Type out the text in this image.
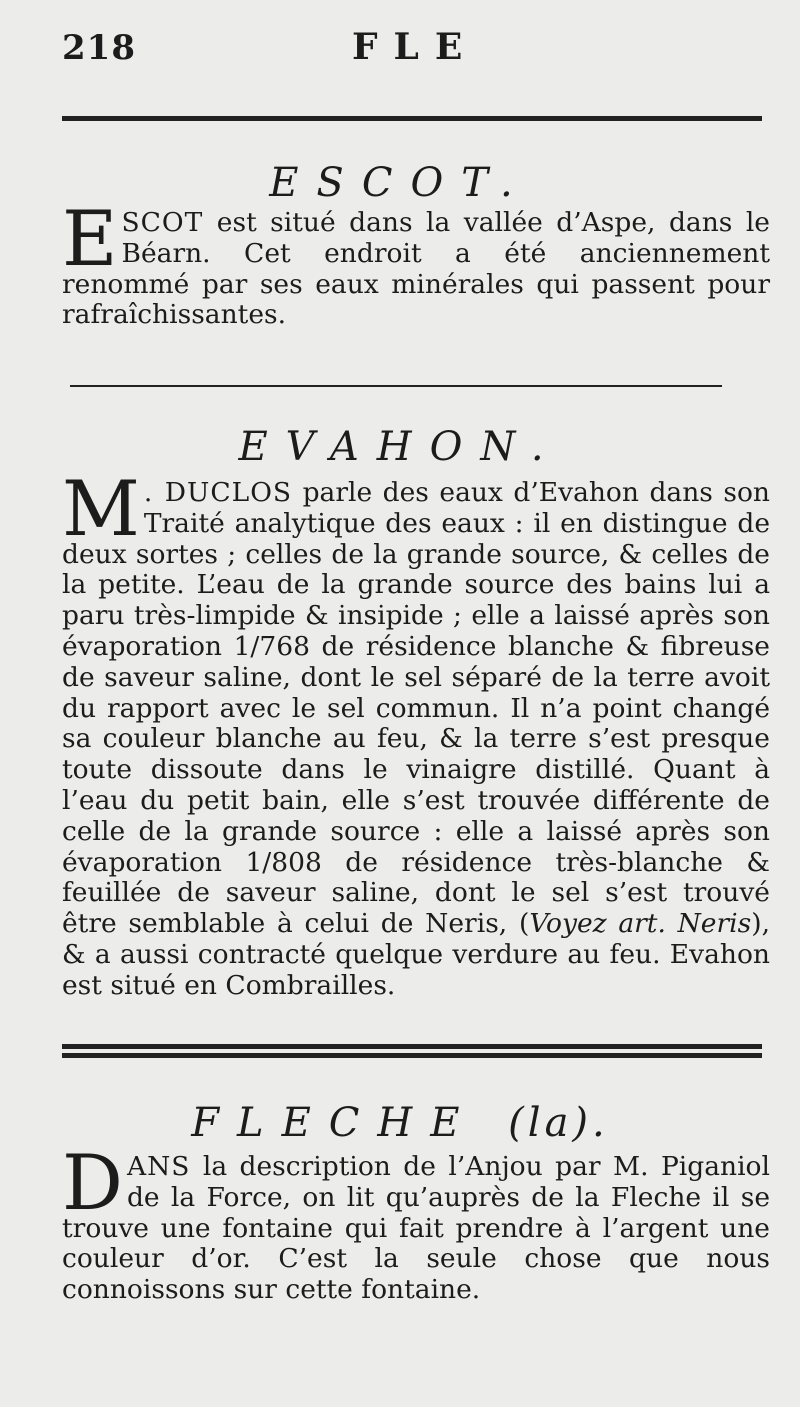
218	FLE
ESCOT.

ESCOT est situé dans la vallée d’Aspe, dans le Béarn. Cet endroit a été anciennement renommé par ses eaux minérales qui passent pour rafraîchissantes.

EVAHON.

M . DUCLOS parle des eaux d’Evahon dans son Traité analytique des eaux : il en distingue de deux sortes ; celles de la grande source, & celles de la petite. L’eau de la grande source des bains lui a paru très-limpide & insipide ; elle a laissé après son évaporation 1/768 de résidence blanche & fibreuse de saveur saline, dont le sel séparé de la terre avoit du rapport avec le sel commun. Il n’a point changé sa couleur blanche au feu, & la terre s’est presque toute dissoute dans le vinaigre distillé. Quant à l’eau du petit bain, elle s’est trouvée différente de celle de la grande source : elle a laissé après son évaporation 1/808 de résidence très-blanche & feuillée de saveur saline, dont le sel s’est trouvé être semblable à celui de Neris, (Voyez art. Neris), & a aussi contracté quelque verdure au feu. Evahon est situé en Combrailles.

FLECHE (la).

DANS la description de l’Anjou par M. Piganiol de la Force, on lit qu’auprès de la Fleche il se trouve une fontaine qui fait prendre à l’argent une couleur d’or. C’est la seule chose que nous connoissons sur cette fontaine.
